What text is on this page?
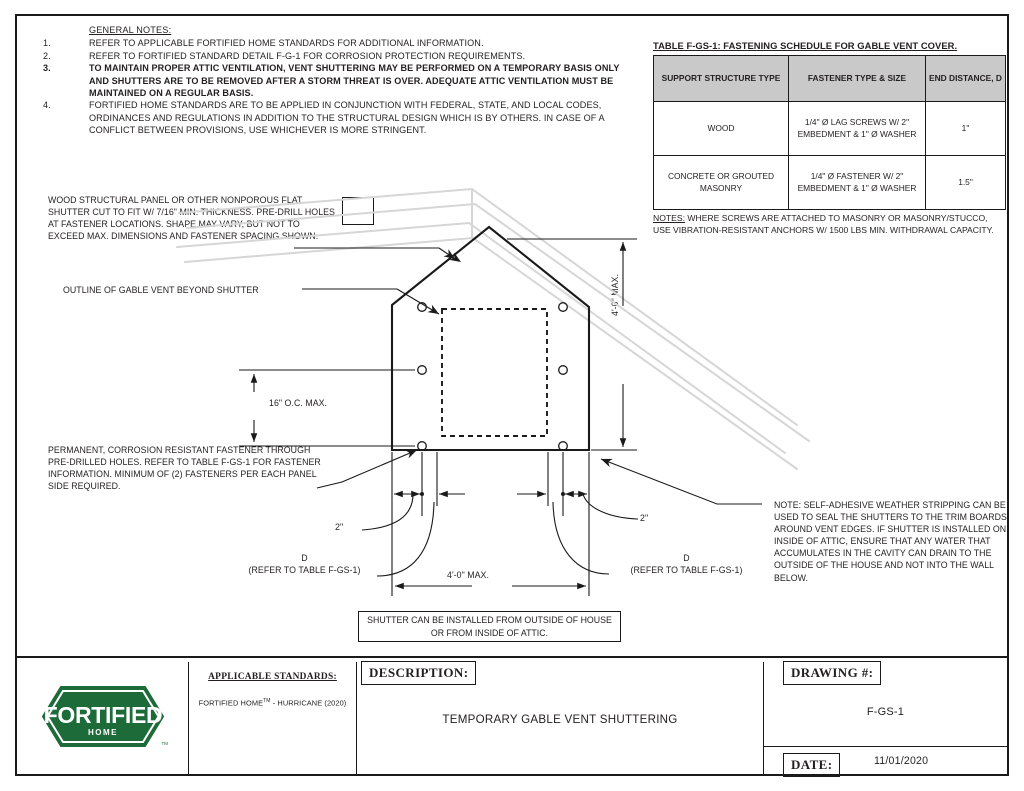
GENERAL NOTES:
1.	REFER TO APPLICABLE FORTIFIED HOME STANDARDS FOR ADDITIONAL INFORMATION.
2.	REFER TO FORTIFIED STANDARD DETAIL F-G-1 FOR CORROSION PROTECTION REQUIREMENTS.
3.	TO MAINTAIN PROPER ATTIC VENTILATION, VENT SHUTTERING MAY BE PERFORMED ON A TEMPORARY BASIS ONLY AND SHUTTERS ARE TO BE REMOVED AFTER A STORM THREAT IS OVER. ADEQUATE ATTIC VENTILATION MUST BE MAINTAINED ON A REGULAR BASIS.
4.	FORTIFIED HOME STANDARDS ARE TO BE APPLIED IN CONJUNCTION WITH FEDERAL, STATE, AND LOCAL CODES, ORDINANCES AND REGULATIONS IN ADDITION TO THE STRUCTURAL DESIGN WHICH IS BY OTHERS. IN CASE OF A CONFLICT BETWEEN PROVISIONS, USE WHICHEVER IS MORE STRINGENT.
TABLE F-GS-1: FASTENING SCHEDULE FOR GABLE VENT COVER.
SUPPORT STRUCTURE TYPE	FASTENER TYPE & SIZE	END DISTANCE, D
WOOD	1/4" Ø LAG SCREWS W/ 2" EMBEDMENT & 1" Ø WASHER	1"
CONCRETE OR GROUTED MASONRY	1/4" Ø FASTENER W/ 2" EMBEDMENT & 1" Ø WASHER	1.5"
NOTES: WHERE SCREWS ARE ATTACHED TO MASONRY OR MASONRY/STUCCO, USE VIBRATION-RESISTANT ANCHORS W/ 1500 LBS MIN. WITHDRAWAL CAPACITY.
WOOD STRUCTURAL PANEL OR OTHER NONPOROUS FLAT SHUTTER CUT TO FIT W/ 7/16" MIN. THICKNESS. PRE-DRILL HOLES AT FASTENER LOCATIONS. SHAPE MAY VARY, BUT NOT TO EXCEED MAX. DIMENSIONS AND FASTENER SPACING SHOWN.
OUTLINE OF GABLE VENT BEYOND SHUTTER
PERMANENT, CORROSION RESISTANT FASTENER THROUGH PRE-DRILLED HOLES. REFER TO TABLE F-GS-1 FOR FASTENER INFORMATION. MINIMUM OF (2) FASTENERS PER EACH PANEL SIDE REQUIRED.
NOTE: SELF-ADHESIVE WEATHER STRIPPING CAN BE USED TO SEAL THE SHUTTERS TO THE TRIM BOARDS AROUND VENT EDGES. IF SHUTTER IS INSTALLED ON INSIDE OF ATTIC, ENSURE THAT ANY WATER THAT ACCUMULATES IN THE CAVITY CAN DRAIN TO THE OUTSIDE OF THE HOUSE AND NOT INTO THE WALL BELOW.
16" O.C. MAX.
4'-0" MAX.
4'-0" MAX.
2"
2"
D
(REFER TO TABLE F-GS-1)
D
(REFER TO TABLE F-GS-1)
SHUTTER CAN BE INSTALLED FROM OUTSIDE OF HOUSE OR FROM INSIDE OF ATTIC.
FORTIFIED
HOME
TM
APPLICABLE STANDARDS:
FORTIFIED HOME™ - HURRICANE (2020)
DESCRIPTION:
TEMPORARY GABLE VENT SHUTTERING
DRAWING #:
F-GS-1
DATE:	11/01/2020
